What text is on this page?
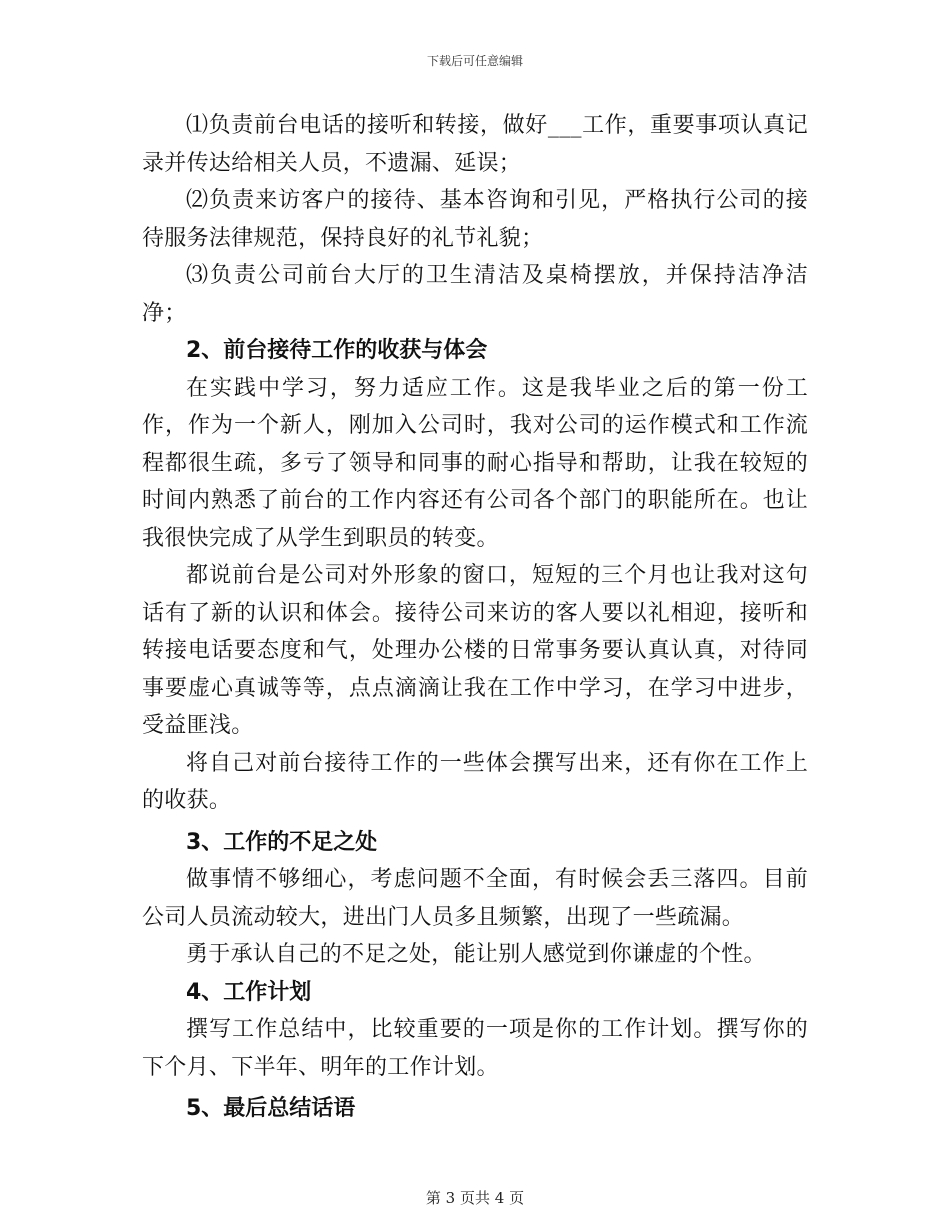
下载后可任意编辑

⑴负责前台电话的接听和转接，做好___工作，重要事项认真记录并传达给相关人员，不遗漏、延误；

⑵负责来访客户的接待、基本咨询和引见，严格执行公司的接待服务法律规范，保持良好的礼节礼貌；

⑶负责公司前台大厅的卫生清洁及桌椅摆放，并保持洁净洁净；

2、前台接待工作的收获与体会

在实践中学习，努力适应工作。这是我毕业之后的第一份工作，作为一个新人，刚加入公司时，我对公司的运作模式和工作流程都很生疏，多亏了领导和同事的耐心指导和帮助，让我在较短的时间内熟悉了前台的工作内容还有公司各个部门的职能所在。也让我很快完成了从学生到职员的转变。

都说前台是公司对外形象的窗口，短短的三个月也让我对这句话有了新的认识和体会。接待公司来访的客人要以礼相迎，接听和转接电话要态度和气，处理办公楼的日常事务要认真认真，对待同事要虚心真诚等等，点点滴滴让我在工作中学习，在学习中进步，受益匪浅。

将自己对前台接待工作的一些体会撰写出来，还有你在工作上的收获。

3、工作的不足之处

做事情不够细心，考虑问题不全面，有时候会丢三落四。目前公司人员流动较大，进出门人员多且频繁，出现了一些疏漏。

勇于承认自己的不足之处，能让别人感觉到你谦虚的个性。

4、工作计划

撰写工作总结中，比较重要的一项是你的工作计划。撰写你的下个月、下半年、明年的工作计划。

5、最后总结话语

第 3 页共 4 页
